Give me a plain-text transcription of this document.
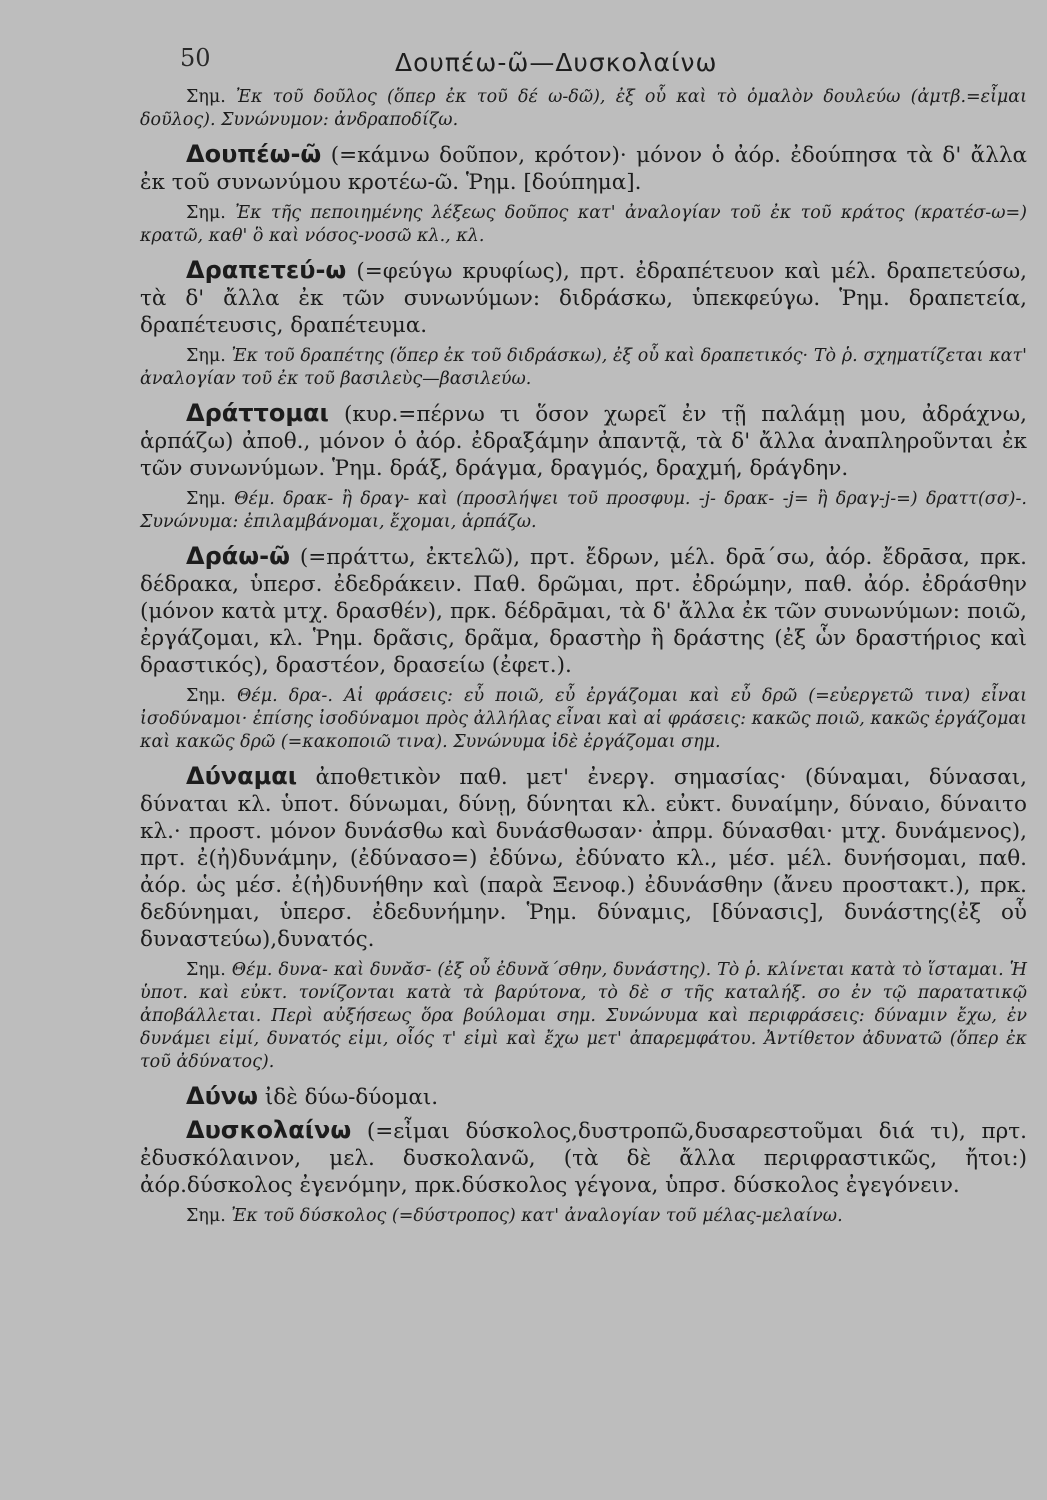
50	Δουπέω-ῶ—Δυσκολαίνω

Σημ. Ἐκ τοῦ δοῦλος (ὅπερ ἐκ τοῦ δέ ω-δῶ), ἐξ οὗ καὶ τὸ ὁμαλὸν δουλεύω (ἀμτβ.=εἶμαι δοῦλος). Συνώνυμον: ἀνδραποδίζω.

Δουπέω-ῶ (=κάμνω δοῦπον, κρότον)· μόνον ὁ ἀόρ. ἐδούπησα τὰ δ' ἄλλα ἐκ τοῦ συνωνύμου κροτέω-ῶ. Ῥημ. [δούπημα].

Σημ. Ἐκ τῆς πεποιημένης λέξεως δοῦπος κατ' ἀναλογίαν τοῦ ἐκ τοῦ κράτος (κρατέσ-ω=) κρατῶ, καθ' ὃ καὶ νόσος-νοσῶ κλ., κλ.

Δραπετεύ-ω (=φεύγω κρυφίως), πρτ. ἐδραπέτευον καὶ μέλ. δραπετεύσω, τὰ δ' ἄλλα ἐκ τῶν συνωνύμων: διδράσκω, ὑπεκφεύγω. Ῥημ. δραπετεία, δραπέτευσις, δραπέτευμα.

Σημ. Ἐκ τοῦ δραπέτης (ὅπερ ἐκ τοῦ διδράσκω), ἐξ οὗ καὶ δραπετικός· Τὸ ῥ. σχηματίζεται κατ' ἀναλογίαν τοῦ ἐκ τοῦ βασιλεὺς—βασιλεύω.

Δράττομαι (κυρ.=πέρνω τι ὅσον χωρεῖ ἐν τῇ παλάμῃ μου, ἀδράχνω, ἁρπάζω) ἀποθ., μόνον ὁ ἀόρ. ἐδραξάμην ἀπαντᾷ, τὰ δ' ἄλλα ἀναπληροῦνται ἐκ τῶν συνωνύμων. Ῥημ. δράξ, δράγμα, δραγμός, δραχμή, δράγδην.

Σημ. Θέμ. δρακ- ἢ δραγ- καὶ (προσλήψει τοῦ προσφυμ. -j- δρακ- -j= ἢ δραγ-j-=) δραττ(σσ)-. Συνώνυμα: ἐπιλαμβάνομαι, ἔχομαι, ἁρπάζω.

Δράω-ῶ (=πράττω, ἐκτελῶ), πρτ. ἔδρων, μέλ. δρᾱ´σω, ἀόρ. ἔδρᾱσα, πρκ. δέδρακα, ὑπερσ. ἐδεδράκειν. Παθ. δρῶμαι, πρτ. ἐδρώμην, παθ. ἀόρ. ἐδράσθην (μόνον κατὰ μτχ. δρασθέν), πρκ. δέδρᾱμαι, τὰ δ' ἄλλα ἐκ τῶν συνωνύμων: ποιῶ, ἐργάζομαι, κλ. Ῥημ. δρᾶσις, δρᾶμα, δραστὴρ ἢ δράστης (ἐξ ὧν δραστήριος καὶ δραστικός), δραστέον, δρασείω (ἐφετ.).

Σημ. Θέμ. δρα-. Αἱ φράσεις: εὖ ποιῶ, εὖ ἐργάζομαι καὶ εὖ δρῶ (=εὐεργετῶ τινα) εἶναι ἰσοδύναμοι· ἐπίσης ἰσοδύναμοι πρὸς ἀλλήλας εἶναι καὶ αἱ φράσεις: κακῶς ποιῶ, κακῶς ἐργάζομαι καὶ κακῶς δρῶ (=κακοποιῶ τινα). Συνώνυμα ἰδὲ ἐργάζομαι σημ.

Δύναμαι ἀποθετικὸν παθ. μετ' ἐνεργ. σημασίας· (δύναμαι, δύνασαι, δύναται κλ. ὑποτ. δύνωμαι, δύνῃ, δύνηται κλ. εὐκτ. δυναίμην, δύναιο, δύναιτο κλ.· προστ. μόνον δυνάσθω καὶ δυνάσθωσαν· ἀπρμ. δύνασθαι· μτχ. δυνάμενος), πρτ. ἐ(ἠ)δυνάμην, (ἐδύνασο=) ἐδύνω, ἐδύνατο κλ., μέσ. μέλ. δυνήσομαι, παθ. ἀόρ. ὡς μέσ. ἐ(ἠ)δυνήθην καὶ (παρὰ Ξενοφ.) ἐδυνάσθην (ἄνευ προστακτ.), πρκ. δεδύνημαι, ὑπερσ. ἐδεδυνήμην. Ῥημ. δύναμις, [δύνασις], δυνάστης(ἐξ οὗ δυναστεύω),δυνατός.

Σημ. Θέμ. δυνα- καὶ δυνᾰσ- (ἐξ οὗ ἐδυνᾰ´σθην, δυνάστης). Τὸ ῥ. κλίνεται κατὰ τὸ ἵσταμαι. Ἡ ὑποτ. καὶ εὐκτ. τονίζονται κατὰ τὰ βαρύτονα, τὸ δὲ σ τῆς καταλήξ. σο ἐν τῷ παρατατικῷ ἀποβάλλεται. Περὶ αὐξήσεως ὅρα βούλομαι σημ. Συνώνυμα καὶ περιφράσεις: δύναμιν ἔχω, ἐν δυνάμει εἰμί, δυνατός εἰμι, οἷός τ' εἰμὶ καὶ ἔχω μετ' ἀπαρεμφάτου. Ἀντίθετον ἀδυνατῶ (ὅπερ ἐκ τοῦ ἀδύνατος).

Δύνω ἰδὲ δύω-δύομαι.

Δυσκολαίνω (=εἶμαι δύσκολος,δυστροπῶ,δυσαρεστοῦμαι διά τι), πρτ. ἐδυσκόλαινον, μελ. δυσκολανῶ, (τὰ δὲ ἄλλα περιφραστικῶς, ἤτοι:) ἀόρ.δύσκολος ἐγενόμην, πρκ.δύσκολος γέγονα, ὑπρσ. δύσκολος ἐγεγόνειν.

Σημ. Ἐκ τοῦ δύσκολος (=δύστροπος) κατ' ἀναλογίαν τοῦ μέλας-μελαίνω.
